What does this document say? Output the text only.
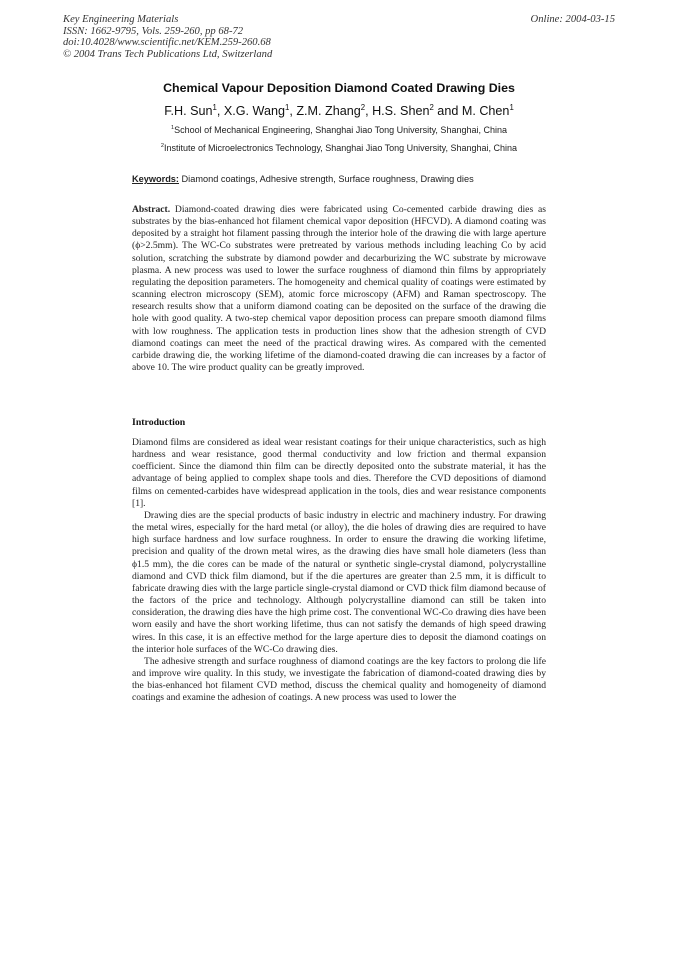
Key Engineering Materials
ISSN: 1662-9795, Vols. 259-260, pp 68-72
doi:10.4028/www.scientific.net/KEM.259-260.68
© 2004 Trans Tech Publications Ltd, Switzerland
Online: 2004-03-15
Chemical Vapour Deposition Diamond Coated Drawing Dies
F.H. Sun$^1$, X.G. Wang$^1$, Z.M. Zhang$^2$, H.S. Shen$^2$ and M. Chen$^1$
$^1$School of Mechanical Engineering, Shanghai Jiao Tong University, Shanghai, China
$^2$Institute of Microelectronics Technology, Shanghai Jiao Tong University, Shanghai, China
Keywords: Diamond coatings, Adhesive strength, Surface roughness, Drawing dies
Abstract. Diamond-coated drawing dies were fabricated using Co-cemented carbide drawing dies as substrates by the bias-enhanced hot filament chemical vapor deposition (HFCVD). A diamond coating was deposited by a straight hot filament passing through the interior hole of the drawing die with large aperture (ϕ>2.5mm). The WC-Co substrates were pretreated by various methods including leaching Co by acid solution, scratching the substrate by diamond powder and decarburizing the WC substrate by microwave plasma. A new process was used to lower the surface roughness of diamond thin films by appropriately regulating the deposition parameters. The homogeneity and chemical quality of coatings were estimated by scanning electron microscopy (SEM), atomic force microscopy (AFM) and Raman spectroscopy. The research results show that a uniform diamond coating can be deposited on the surface of the drawing die hole with good quality. A two-step chemical vapor deposition process can prepare smooth diamond films with low roughness. The application tests in production lines show that the adhesion strength of CVD diamond coatings can meet the need of the practical drawing wires. As compared with the cemented carbide drawing die, the working lifetime of the diamond-coated drawing die can increases by a factor of above 10. The wire product quality can be greatly improved.
Introduction

Diamond films are considered as ideal wear resistant coatings for their unique characteristics, such as high hardness and wear resistance, good thermal conductivity and low friction and thermal expansion coefficient. Since the diamond thin film can be directly deposited onto the substrate material, it has the advantage of being applied to complex shape tools and dies. Therefore the CVD depositions of diamond films on cemented-carbides have widespread application in the tools, dies and wear resistance components [1].

Drawing dies are the special products of basic industry in electric and machinery industry. For drawing the metal wires, especially for the hard metal (or alloy), the die holes of drawing dies are required to have high surface hardness and low surface roughness. In order to ensure the drawing die working lifetime, precision and quality of the drown metal wires, as the drawing dies have small hole diameters (less than ϕ1.5 mm), the die cores can be made of the natural or synthetic single-crystal diamond, polycrystalline diamond and CVD thick film diamond, but if the die apertures are greater than 2.5 mm, it is difficult to fabricate drawing dies with the large particle single-crystal diamond or CVD thick film diamond because of the factors of the price and technology. Although polycrystalline diamond can still be taken into consideration, the drawing dies have the high prime cost. The conventional WC-Co drawing dies have been worn easily and have the short working lifetime, thus can not satisfy the demands of high speed drawing wires. In this case, it is an effective method for the large aperture dies to deposit the diamond coatings on the interior hole surfaces of the WC-Co drawing dies.

The adhesive strength and surface roughness of diamond coatings are the key factors to prolong die life and improve wire quality. In this study, we investigate the fabrication of diamond-coated drawing dies by the bias-enhanced hot filament CVD method, discuss the chemical quality and homogeneity of diamond coatings and examine the adhesion of coatings. A new process was used to lower the
